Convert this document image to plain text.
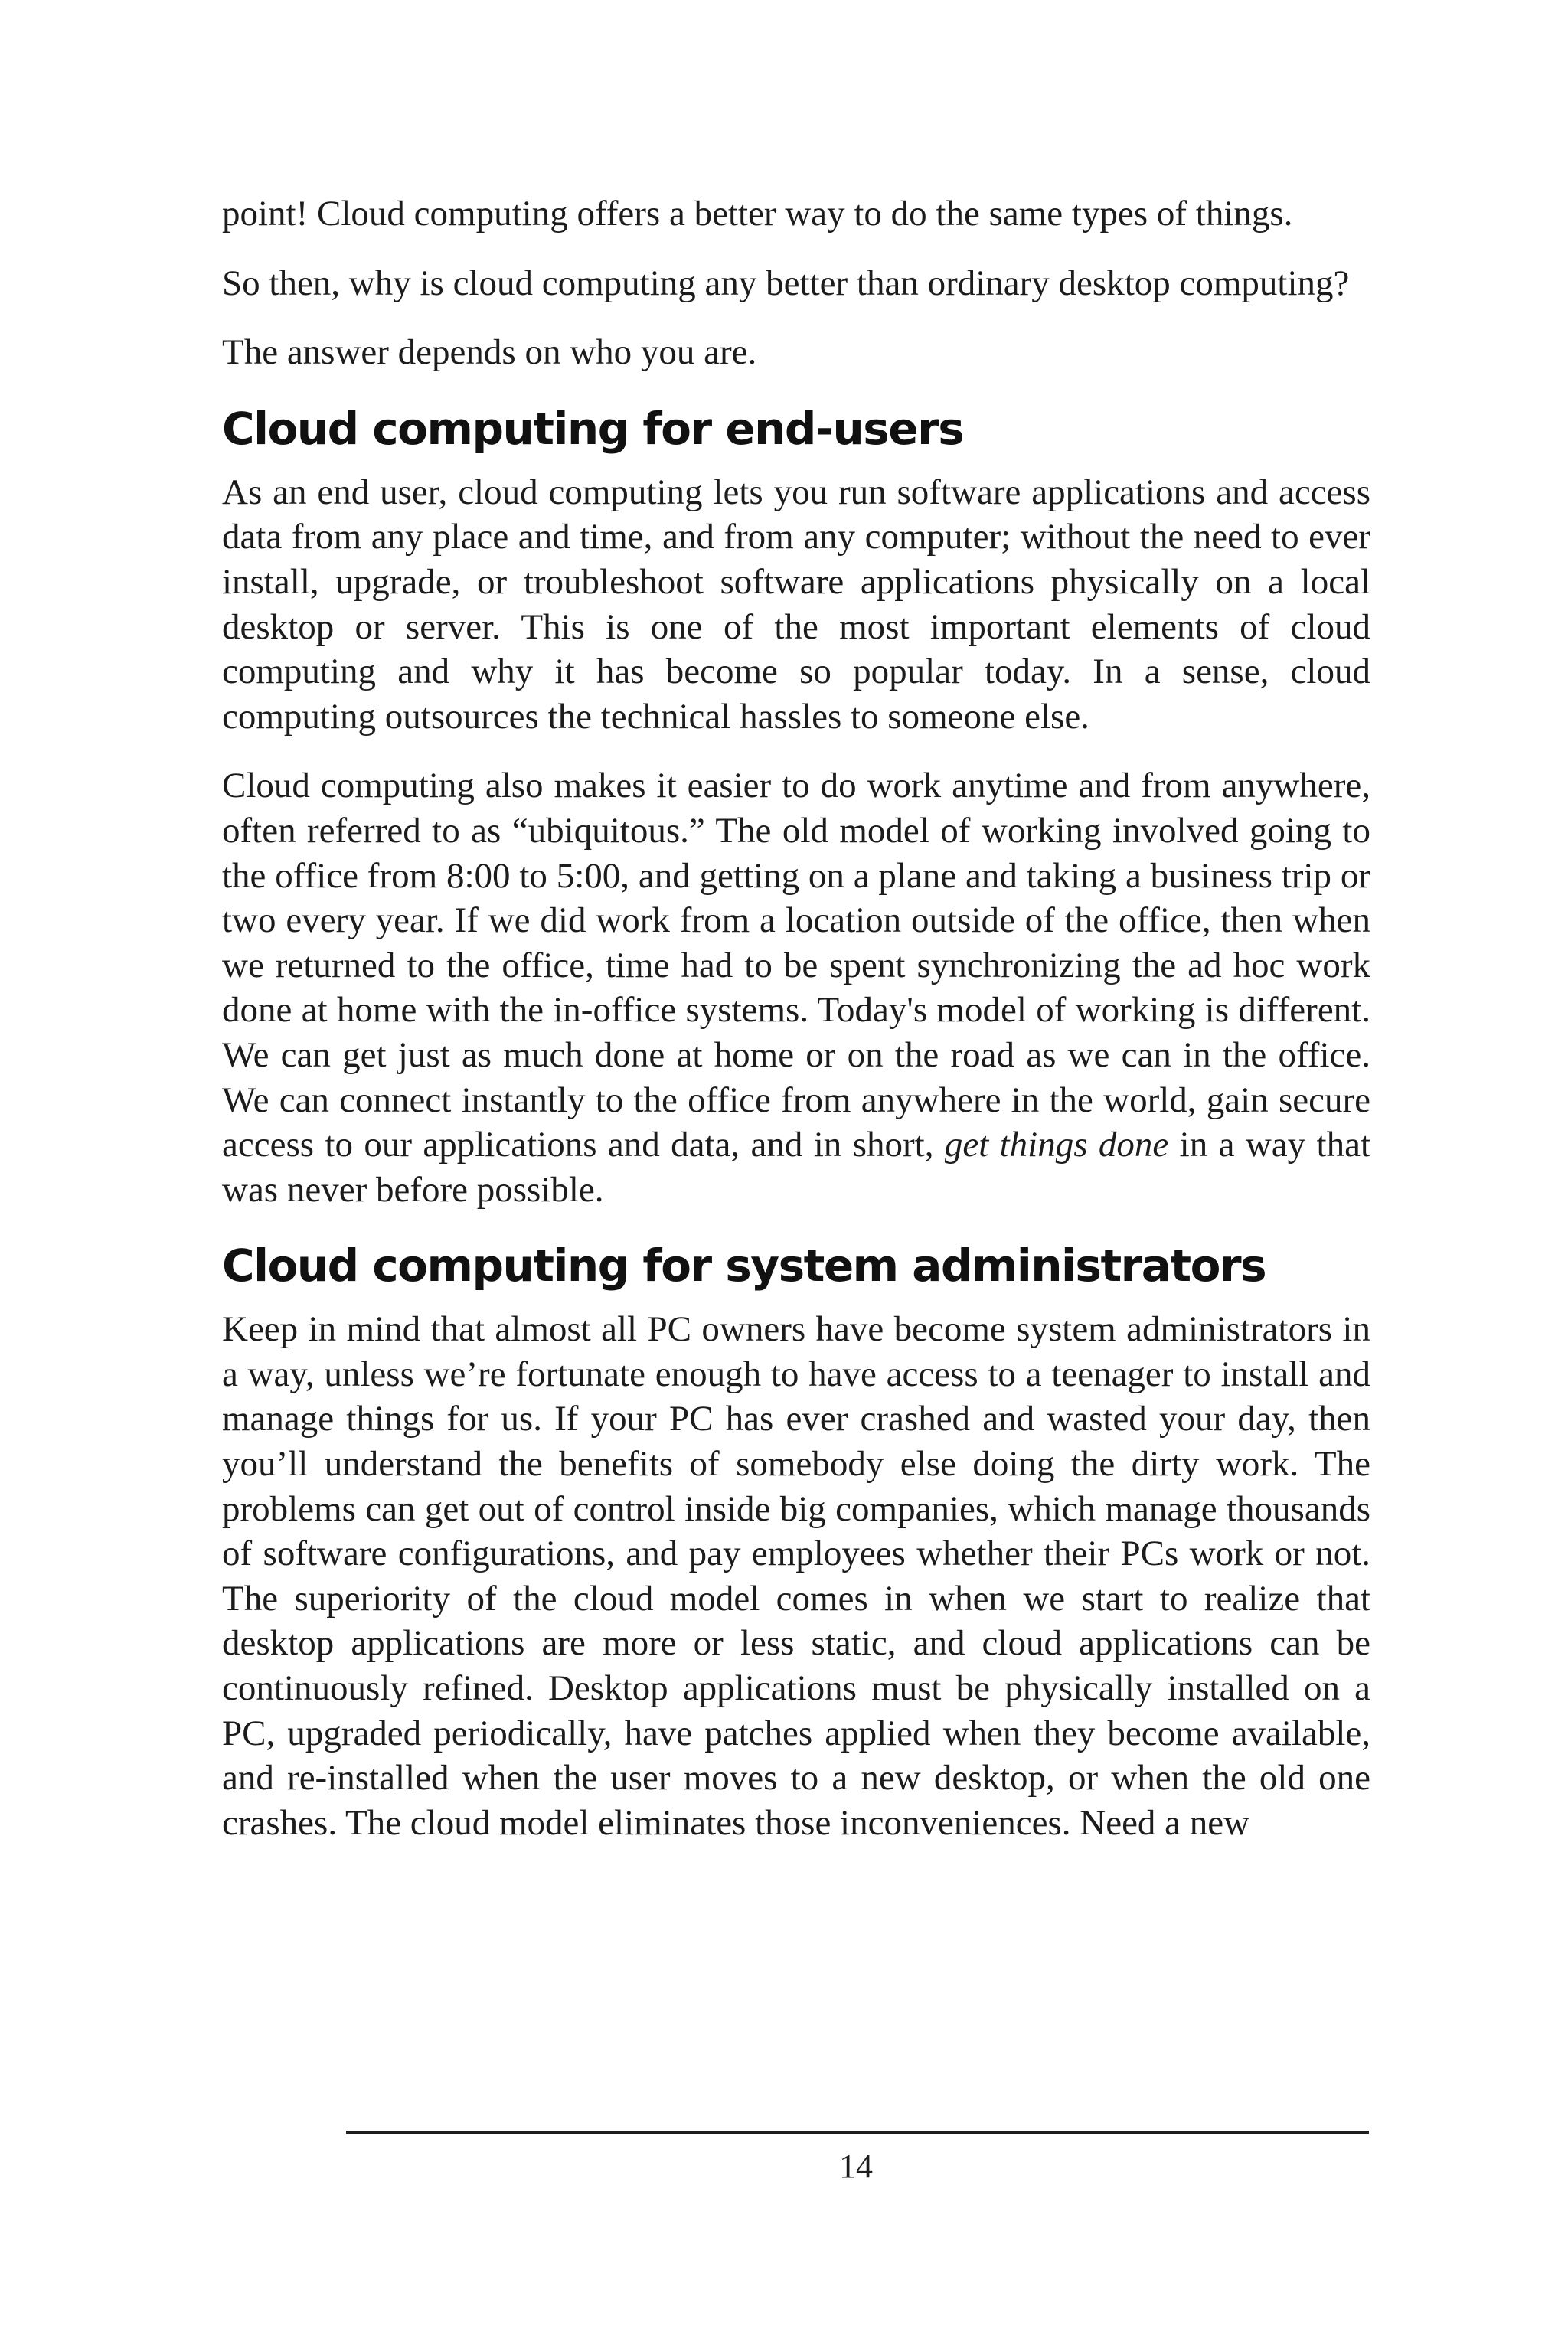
point! Cloud computing offers a better way to do the same types of things.

So then, why is cloud computing any better than ordinary desktop computing?

The answer depends on who you are.

Cloud computing for end-users

As an end user, cloud computing lets you run software applications and access data from any place and time, and from any computer; without the need to ever install, upgrade, or troubleshoot software applications physically on a local desktop or server. This is one of the most important elements of cloud computing and why it has become so popular today. In a sense, cloud computing outsources the technical hassles to someone else.

Cloud computing also makes it easier to do work anytime and from anywhere, often referred to as “ubiquitous.” The old model of working involved going to the office from 8:00 to 5:00, and getting on a plane and taking a business trip or two every year. If we did work from a location outside of the office, then when we returned to the office, time had to be spent synchronizing the ad hoc work done at home with the in-office systems. Today's model of working is different. We can get just as much done at home or on the road as we can in the office. We can connect instantly to the office from anywhere in the world, gain secure access to our applications and data, and in short, get things done in a way that was never before possible.

Cloud computing for system administrators

Keep in mind that almost all PC owners have become system administrators in a way, unless we’re fortunate enough to have access to a teenager to install and manage things for us. If your PC has ever crashed and wasted your day, then you’ll understand the benefits of somebody else doing the dirty work. The problems can get out of control inside big companies, which manage thousands of software configurations, and pay employees whether their PCs work or not. The superiority of the cloud model comes in when we start to realize that desktop applications are more or less static, and cloud applications can be continuously refined. Desktop applications must be physically installed on a PC, upgraded periodically, have patches applied when they become available, and re-installed when the user moves to a new desktop, or when the old one crashes. The cloud model eliminates those inconveniences. Need a new

14
